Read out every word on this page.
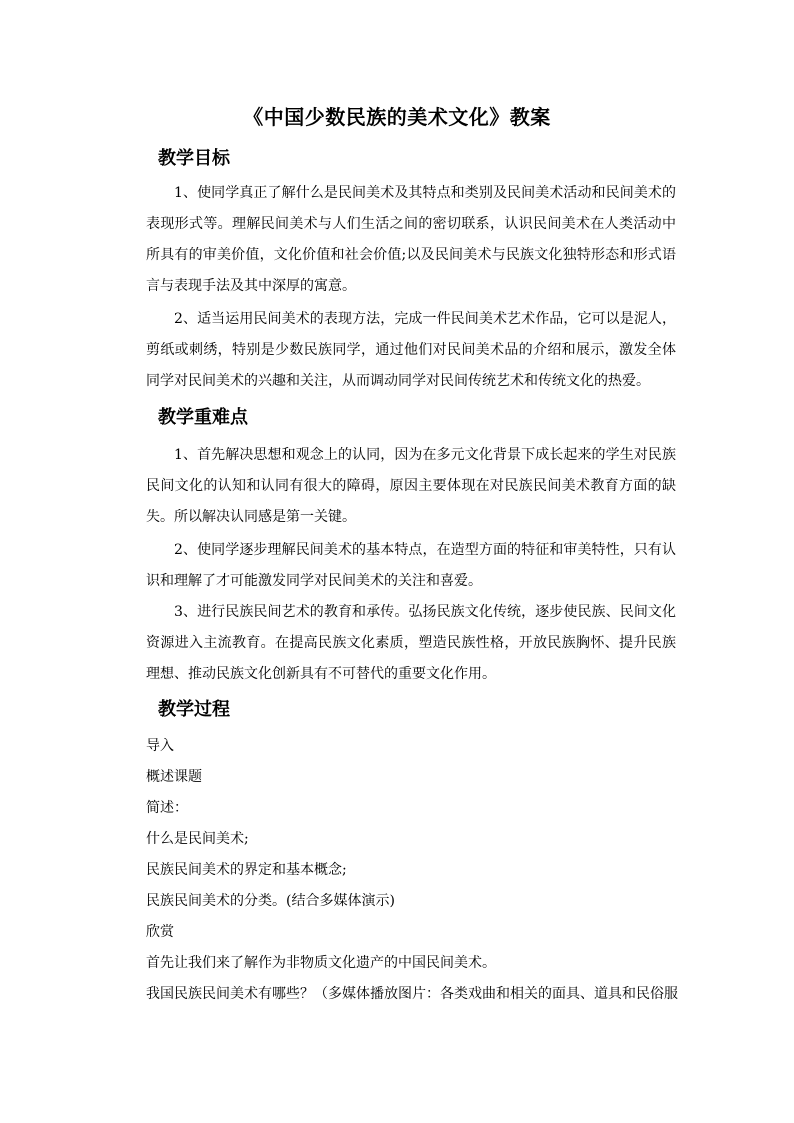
《中国少数民族的美术文化》教案
教学目标
1、使同学真正了解什么是民间美术及其特点和类别及民间美术活动和民间美术的表现形式等。理解民间美术与人们生活之间的密切联系，认识民间美术在人类活动中所具有的审美价值，文化价值和社会价值;以及民间美术与民族文化独特形态和形式语言与表现手法及其中深厚的寓意。
2、适当运用民间美术的表现方法，完成一件民间美术艺术作品，它可以是泥人，剪纸或刺绣，特别是少数民族同学，通过他们对民间美术品的介绍和展示，激发全体同学对民间美术的兴趣和关注，从而调动同学对民间传统艺术和传统文化的热爱。
教学重难点
1、首先解决思想和观念上的认同，因为在多元文化背景下成长起来的学生对民族民间文化的认知和认同有很大的障碍，原因主要体现在对民族民间美术教育方面的缺失。所以解决认同感是第一关键。
2、使同学逐步理解民间美术的基本特点，在造型方面的特征和审美特性，只有认识和理解了才可能激发同学对民间美术的关注和喜爱。
3、进行民族民间艺术的教育和承传。弘扬民族文化传统，逐步使民族、民间文化资源进入主流教育。在提高民族文化素质，塑造民族性格，开放民族胸怀、提升民族理想、推动民族文化创新具有不可替代的重要文化作用。
教学过程
导入
概述课题
简述：
什么是民间美术;
民族民间美术的界定和基本概念;
民族民间美术的分类。(结合多媒体演示)
欣赏
首先让我们来了解作为非物质文化遗产的中国民间美术。
我国民族民间美术有哪些？（多媒体播放图片：各类戏曲和相关的面具、道具和民俗服
